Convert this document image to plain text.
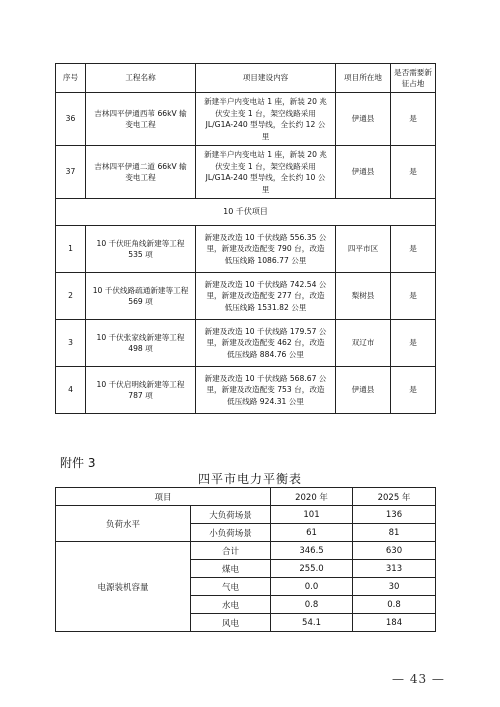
序号	工程名称	项目建设内容	项目所在地	是否需要新
征占地
36	吉林四平伊通西苇 66kV 输
变电工程	新建半户内变电站 1 座，新装 20 兆
伏安主变 1 台，架空线路采用
JL/G1A-240 型导线，全长约 12 公
里	伊通县	是
37	吉林四平伊通二道 66kV 输
变电工程	新建半户内变电站 1 座，新装 20 兆
伏安主变 1 台，架空线路采用
JL/G1A-240 型导线，全长约 10 公
里	伊通县	是
10 千伏项目				
1	10 千伏旺角线新建等工程
535 项	新建及改造 10 千伏线路 556.35 公
里，新建及改造配变 790 台，改造
低压线路 1086.77 公里	四平市区	是
2	10 千伏线路疏通新建等工程
569 项	新建及改造 10 千伏线路 742.54 公
里，新建及改造配变 277 台，改造
低压线路 1531.82 公里	梨树县	是
3	10 千伏张家线新建等工程
498 项	新建及改造 10 千伏线路 179.57 公
里，新建及改造配变 462 台，改造
低压线路 884.76 公里	双辽市	是
4	10 千伏启明线新建等工程
787 项	新建及改造 10 千伏线路 568.67 公
里，新建及改造配变 753 台，改造
低压线路 924.31 公里	伊通县	是
附件 3
四平市电力平衡表
项目		2020 年	2025 年
负荷水平	大负荷场景	101	136
	小负荷场景	61	81
电源装机容量	合计	346.5	630
	煤电	255.0	313
	气电	0.0	30
	水电	0.8	0.8
	风电	54.1	184
— 43 —
